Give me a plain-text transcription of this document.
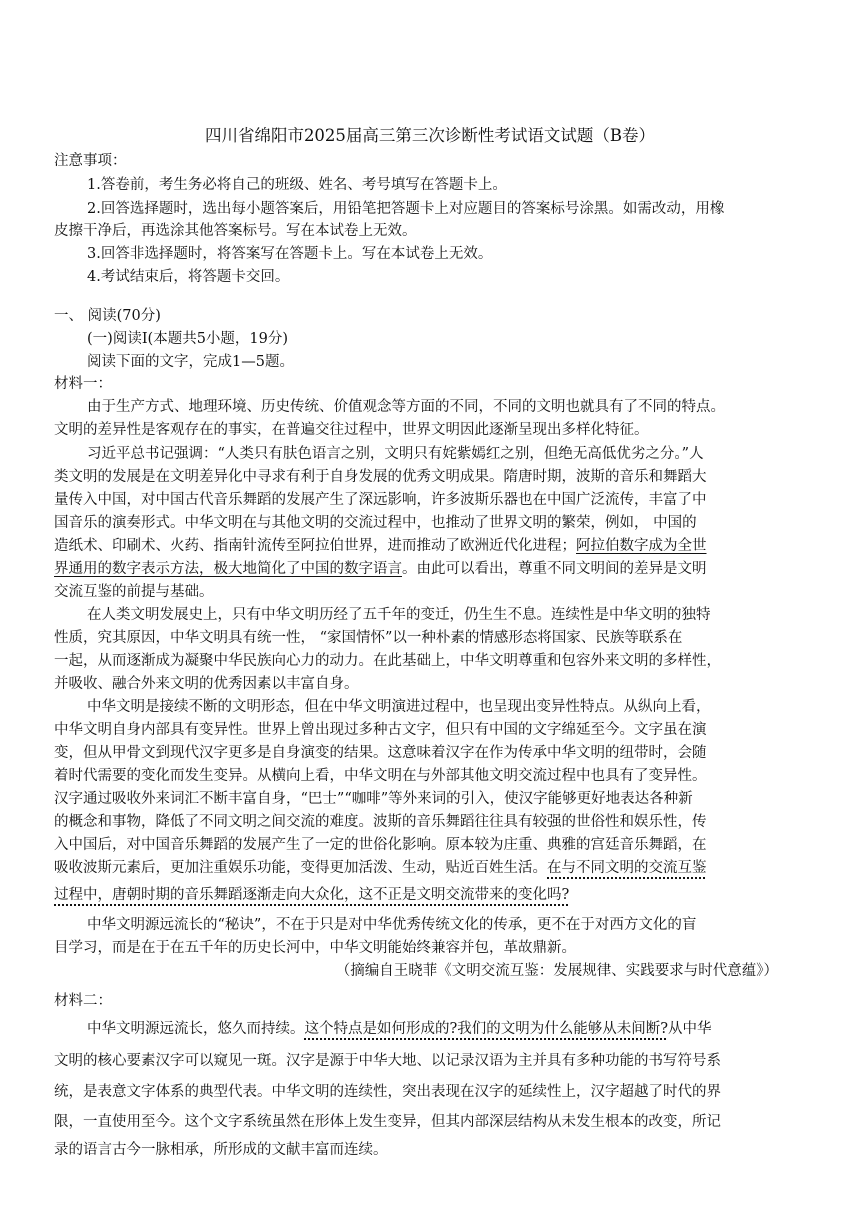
四川省绵阳市2025届高三第三次诊断性考试语文试题（B卷）
注意事项：
1.答卷前，考生务必将自己的班级、姓名、考号填写在答题卡上。
2.回答选择题时，选出每小题答案后，用铅笔把答题卡上对应题目的答案标号涂黑。如需改动，用橡
皮擦干净后，再选涂其他答案标号。写在本试卷上无效。
3.回答非选择题时，将答案写在答题卡上。写在本试卷上无效。
4.考试结束后，将答题卡交回。
一、 阅读(70分)
(一)阅读Ⅰ(本题共5小题，19分)
阅读下面的文字，完成1—5题。
材料一：
由于生产方式、地理环境、历史传统、价值观念等方面的不同，不同的文明也就具有了不同的特点。
文明的差异性是客观存在的事实，在普遍交往过程中，世界文明因此逐渐呈现出多样化特征。
习近平总书记强调：“人类只有肤色语言之别，文明只有姹紫嫣红之别，但绝无高低优劣之分。”人
类文明的发展是在文明差异化中寻求有利于自身发展的优秀文明成果。隋唐时期，波斯的音乐和舞蹈大
量传入中国，对中国古代音乐舞蹈的发展产生了深远影响，许多波斯乐器也在中国广泛流传，丰富了中
国音乐的演奏形式。中华文明在与其他文明的交流过程中，也推动了世界文明的繁荣，例如， 中国的
造纸术、印刷术、火药、指南针流传至阿拉伯世界，进而推动了欧洲近代化进程；阿拉伯数字成为全世
界通用的数字表示方法，极大地简化了中国的数字语言。由此可以看出，尊重不同文明间的差异是文明
交流互鉴的前提与基础。
在人类文明发展史上，只有中华文明历经了五千年的变迁，仍生生不息。连续性是中华文明的独特
性质，究其原因，中华文明具有统一性， “家国情怀”以一种朴素的情感形态将国家、民族等联系在
一起，从而逐渐成为凝聚中华民族向心力的动力。在此基础上，中华文明尊重和包容外来文明的多样性，
并吸收、融合外来文明的优秀因素以丰富自身。
中华文明是接续不断的文明形态，但在中华文明演进过程中，也呈现出变异性特点。从纵向上看，
中华文明自身内部具有变异性。世界上曾出现过多种古文字，但只有中国的文字绵延至今。文字虽在演
变，但从甲骨文到现代汉字更多是自身演变的结果。这意味着汉字在作为传承中华文明的纽带时，会随
着时代需要的变化而发生变异。从横向上看，中华文明在与外部其他文明交流过程中也具有了变异性。
汉字通过吸收外来词汇不断丰富自身，“巴士”“咖啡”等外来词的引入，使汉字能够更好地表达各种新
的概念和事物，降低了不同文明之间交流的难度。波斯的音乐舞蹈往往具有较强的世俗性和娱乐性，传
入中国后，对中国音乐舞蹈的发展产生了一定的世俗化影响。原本较为庄重、典雅的宫廷音乐舞蹈，在
吸收波斯元素后，更加注重娱乐功能，变得更加活泼、生动，贴近百姓生活。在与不同文明的交流互鉴
过程中，唐朝时期的音乐舞蹈逐渐走向大众化，这不正是文明交流带来的变化吗?
中华文明源远流长的“秘诀”，不在于只是对中华优秀传统文化的传承，更不在于对西方文化的盲
目学习，而是在于在五千年的历史长河中，中华文明能始终兼容并包，革故鼎新。
（摘编自王晓菲《文明交流互鉴：发展规律、实践要求与时代意蕴》）
材料二：
中华文明源远流长，悠久而持续。这个特点是如何形成的?我们的文明为什么能够从未间断?从中华
文明的核心要素汉字可以窥见一斑。汉字是源于中华大地、以记录汉语为主并具有多种功能的书写符号系
统，是表意文字体系的典型代表。中华文明的连续性，突出表现在汉字的延续性上，汉字超越了时代的界
限，一直使用至今。这个文字系统虽然在形体上发生变异，但其内部深层结构从未发生根本的改变，所记
录的语言古今一脉相承，所形成的文献丰富而连续。
